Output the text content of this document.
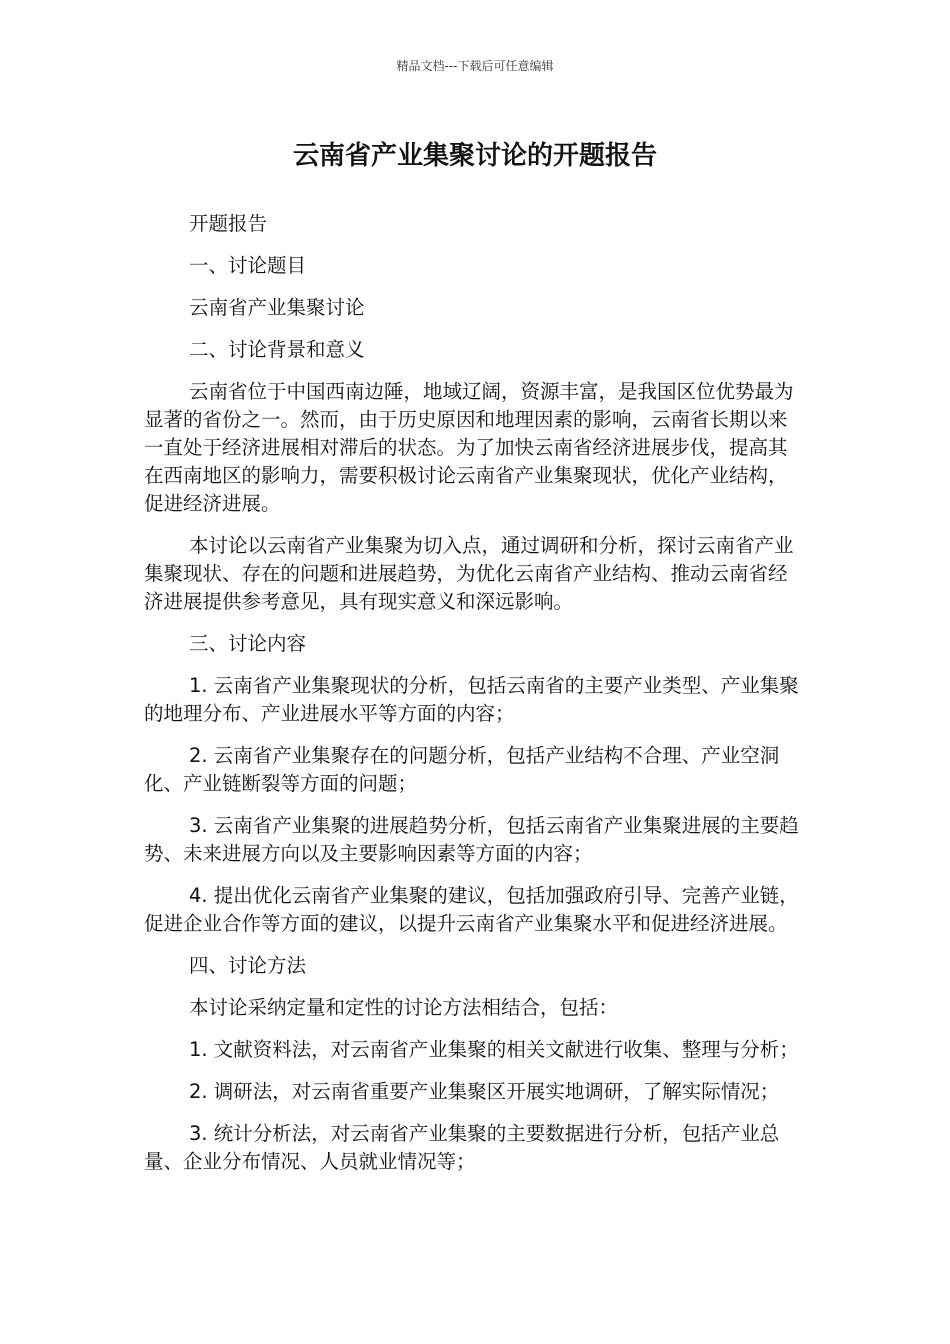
精品文档---下载后可任意编辑
云南省产业集聚讨论的开题报告

开题报告

一、讨论题目

云南省产业集聚讨论

二、讨论背景和意义

云南省位于中国西南边陲，地域辽阔，资源丰富，是我国区位优势最为显著的省份之一。然而，由于历史原因和地理因素的影响，云南省长期以来一直处于经济进展相对滞后的状态。为了加快云南省经济进展步伐，提高其在西南地区的影响力，需要积极讨论云南省产业集聚现状，优化产业结构，促进经济进展。

本讨论以云南省产业集聚为切入点，通过调研和分析，探讨云南省产业集聚现状、存在的问题和进展趋势，为优化云南省产业结构、推动云南省经济进展提供参考意见，具有现实意义和深远影响。

三、讨论内容

1. 云南省产业集聚现状的分析，包括云南省的主要产业类型、产业集聚的地理分布、产业进展水平等方面的内容；

2. 云南省产业集聚存在的问题分析，包括产业结构不合理、产业空洞化、产业链断裂等方面的问题；

3. 云南省产业集聚的进展趋势分析，包括云南省产业集聚进展的主要趋势、未来进展方向以及主要影响因素等方面的内容；

4. 提出优化云南省产业集聚的建议，包括加强政府引导、完善产业链，促进企业合作等方面的建议，以提升云南省产业集聚水平和促进经济进展。

四、讨论方法

本讨论采纳定量和定性的讨论方法相结合，包括：

1. 文献资料法，对云南省产业集聚的相关文献进行收集、整理与分析；

2. 调研法，对云南省重要产业集聚区开展实地调研，了解实际情况；

3. 统计分析法，对云南省产业集聚的主要数据进行分析，包括产业总量、企业分布情况、人员就业情况等；
